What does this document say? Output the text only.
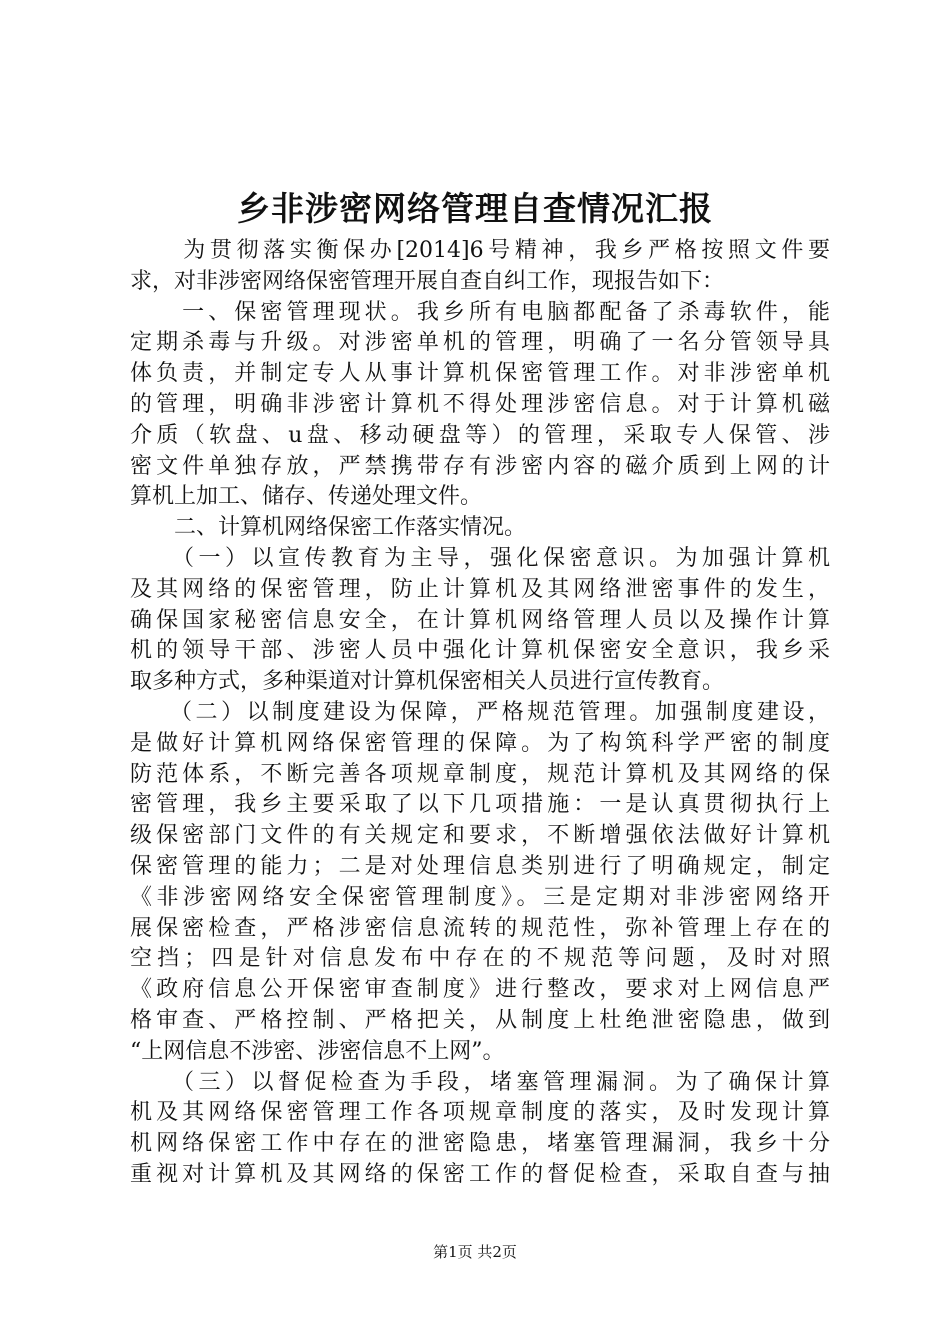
乡非涉密网络管理自查情况汇报
　　为贯彻落实衡保办[2014]6号精神，我乡严格按照文件要
求，对非涉密网络保密管理开展自查自纠工作，现报告如下：
　　一、保密管理现状。我乡所有电脑都配备了杀毒软件，能
定期杀毒与升级。对涉密单机的管理，明确了一名分管领导具
体负责，并制定专人从事计算机保密管理工作。对非涉密单机
的管理，明确非涉密计算机不得处理涉密信息。对于计算机磁
介质（软盘、u盘、移动硬盘等）的管理，采取专人保管、涉
密文件单独存放，严禁携带存有涉密内容的磁介质到上网的计
算机上加工、储存、传递处理文件。
　　二、计算机网络保密工作落实情况。
　　（一）以宣传教育为主导，强化保密意识。为加强计算机
及其网络的保密管理，防止计算机及其网络泄密事件的发生，
确保国家秘密信息安全，在计算机网络管理人员以及操作计算
机的领导干部、涉密人员中强化计算机保密安全意识，我乡采
取多种方式，多种渠道对计算机保密相关人员进行宣传教育。
　　（二）以制度建设为保障，严格规范管理。加强制度建设，
是做好计算机网络保密管理的保障。为了构筑科学严密的制度
防范体系，不断完善各项规章制度，规范计算机及其网络的保
密管理，我乡主要采取了以下几项措施：一是认真贯彻执行上
级保密部门文件的有关规定和要求，不断增强依法做好计算机
保密管理的能力；二是对处理信息类别进行了明确规定，制定
《非涉密网络安全保密管理制度》。三是定期对非涉密网络开
展保密检查，严格涉密信息流转的规范性，弥补管理上存在的
空挡；四是针对信息发布中存在的不规范等问题，及时对照
《政府信息公开保密审查制度》进行整改，要求对上网信息严
格审查、严格控制、严格把关，从制度上杜绝泄密隐患，做到
“上网信息不涉密、涉密信息不上网”。
　　（三）以督促检查为手段，堵塞管理漏洞。为了确保计算
机及其网络保密管理工作各项规章制度的落实，及时发现计算
机网络保密工作中存在的泄密隐患，堵塞管理漏洞，我乡十分
重视对计算机及其网络的保密工作的督促检查，采取自查与抽
第1页 共2页
